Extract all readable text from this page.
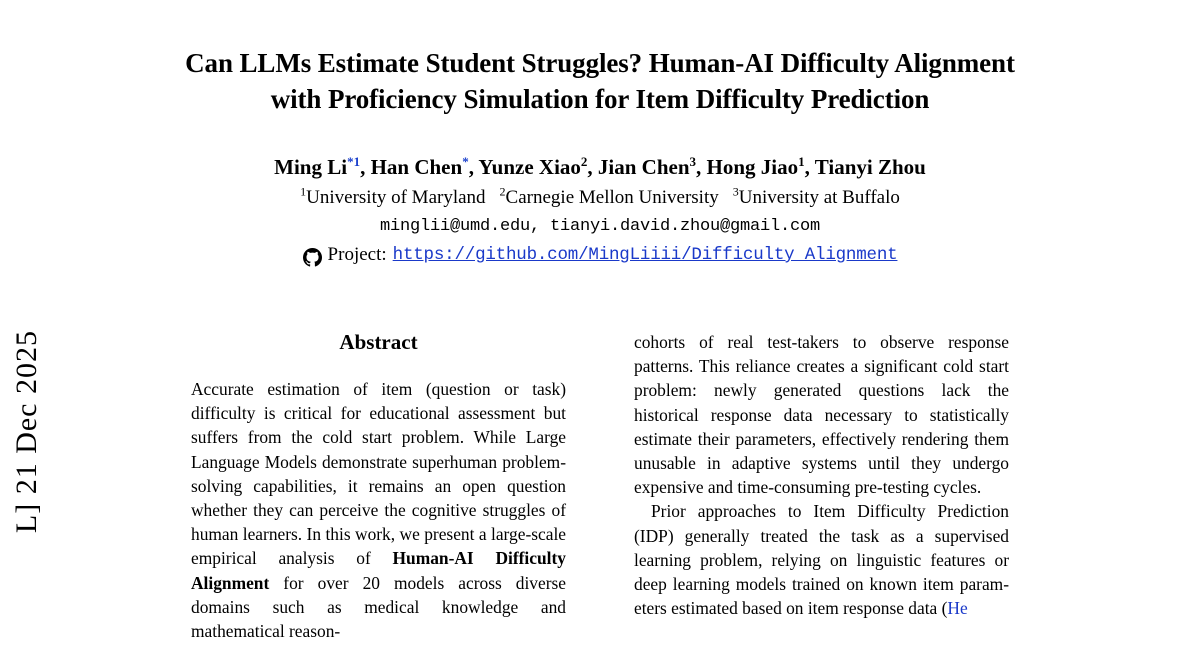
L] 21 Dec 2025
Can LLMs Estimate Student Struggles? Human-AI Difficulty Alignment
with Proficiency Simulation for Item Difficulty Prediction
Ming Li$^{*1}$, Han Chen*, Yunze Xiao$^2$, Jian Chen$^3$, Hong Jiao$^1$, Tianyi Zhou
$^1$University of Maryland $^2$Carnegie Mellon University $^3$University at Buffalo
minglii@umd.edu, tianyi.david.zhou@gmail.com
Project: https://github.com/MingLiiii/Difficulty_Alignment
Abstract

Accurate estimation of item (question or task) difficulty is critical for educational assessment but suffers from the cold start problem. While Large Language Models demonstrate superhuman problem-solving capabilities, it remains an open question whether they can perceive the cognitive struggles of human learners. In this work, we present a large-scale empirical analysis of Human-AI Difficulty Alignment for over 20 models across diverse domains such as medical knowledge and mathematical reason-

cohorts of real test-takers to observe response patterns. This reliance creates a significant cold start problem: newly generated questions lack the historical response data necessary to statistically estimate their parameters, effectively rendering them unusable in adaptive systems until they undergo expensive and time-consuming pre-testing cycles.

Prior approaches to Item Difficulty Prediction (IDP) generally treated the task as a supervised learning problem, relying on linguistic features or deep learning models trained on known item param-eters estimated based on item response data (He
